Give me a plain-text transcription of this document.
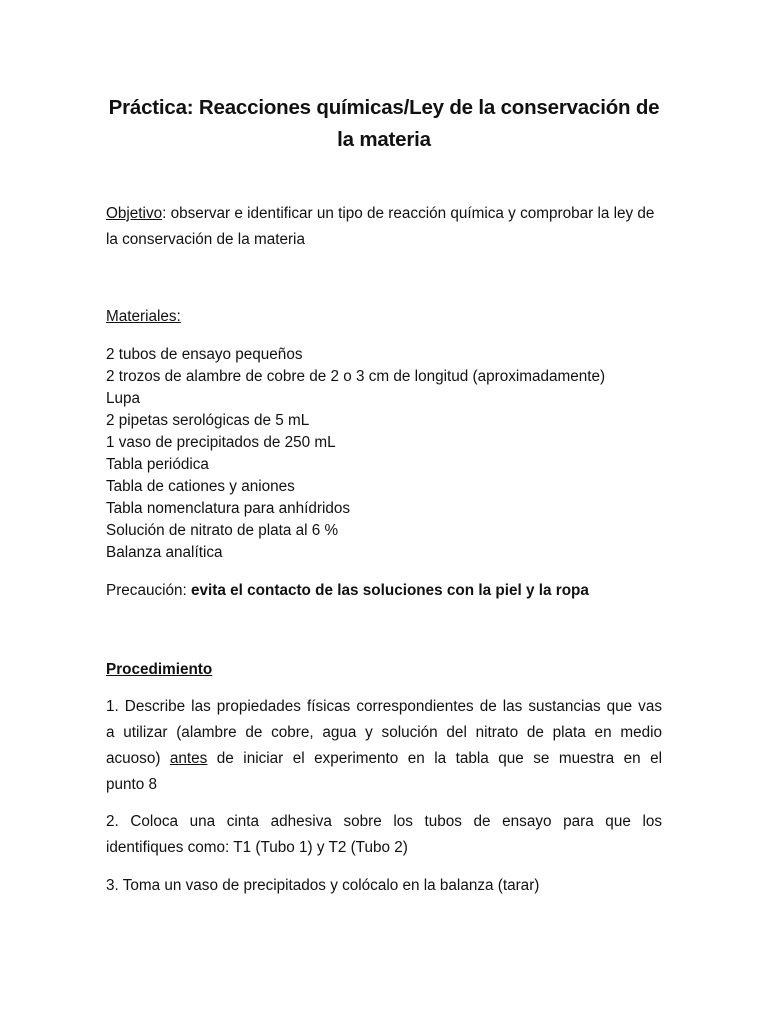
Práctica: Reacciones químicas/Ley de la conservación de la materia

Objetivo: observar e identificar un tipo de reacción química y comprobar la ley de la conservación de la materia

Materiales:

2 tubos de ensayo pequeños

2 trozos de alambre de cobre de 2 o 3 cm de longitud (aproximadamente)

Lupa

2 pipetas serológicas de 5 mL

1 vaso de precipitados de 250 mL

Tabla periódica

Tabla de cationes y aniones

Tabla nomenclatura para anhídridos

Solución de nitrato de plata al 6 %

Balanza analítica

Precaución: evita el contacto de las soluciones con la piel y la ropa

Procedimiento

1. Describe las propiedades físicas correspondientes de las sustancias que vas
a utilizar (alambre de cobre, agua y solución del nitrato de plata en medio
acuoso) antes de iniciar el experimento en la tabla que se muestra en el
punto 8
2. Coloca una cinta adhesiva sobre los tubos de ensayo para que los
identifiques como: T1 (Tubo 1) y T2 (Tubo 2)
3. Toma un vaso de precipitados y colócalo en la balanza (tarar)
